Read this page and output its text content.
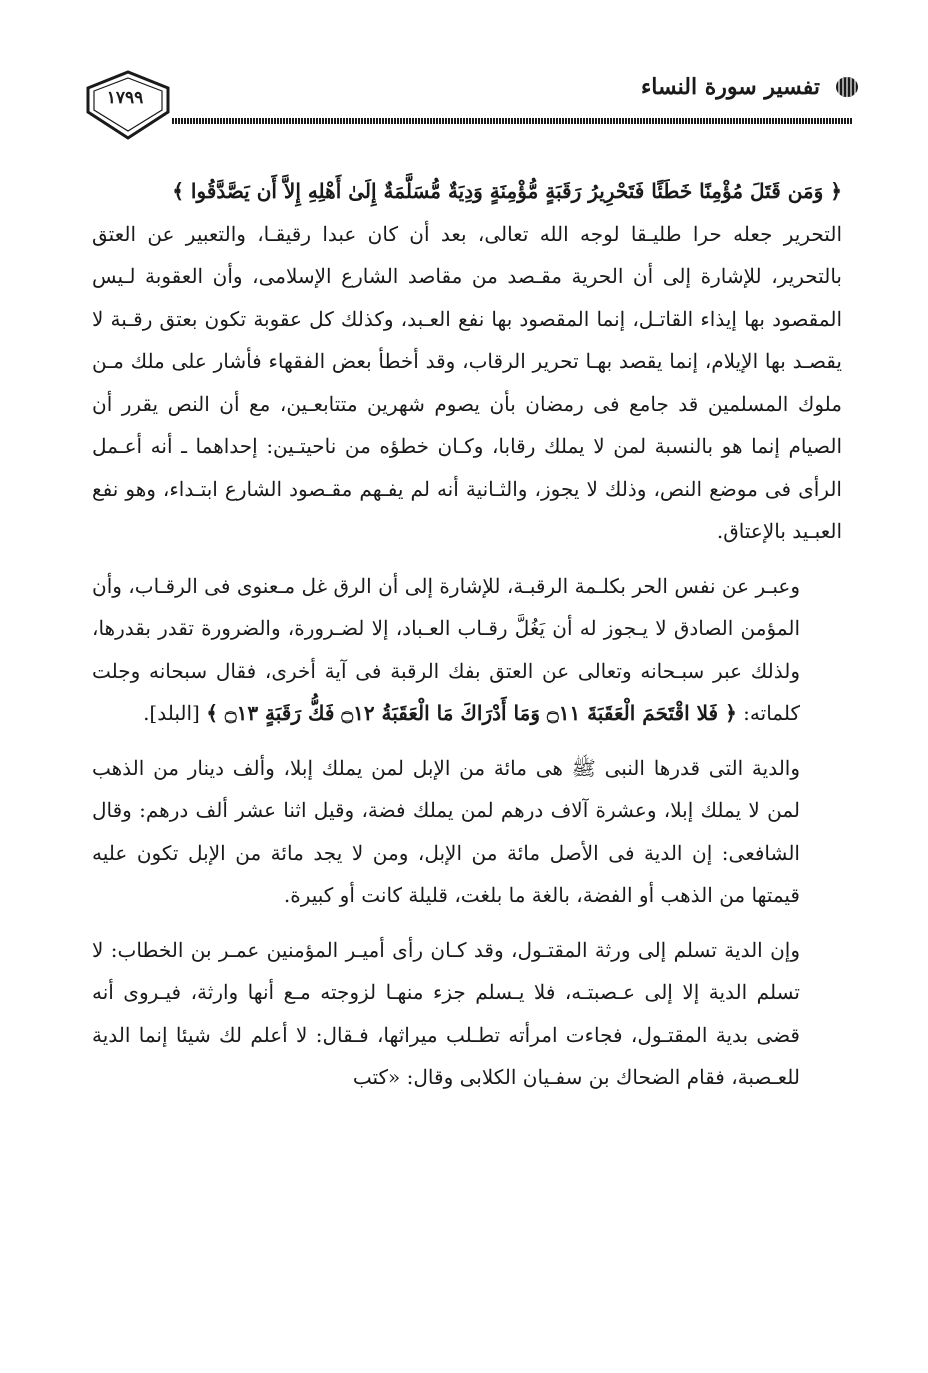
١٧٩٩	تفسير سورة النساء

﴿ وَمَن قَتَلَ مُؤْمِنًا خَطَئًا فَتَحْرِيرُ رَقَبَةٍ مُّؤْمِنَةٍ وَدِيَةٌ مُّسَلَّمَةٌ إِلَىٰ أَهْلِهِ إِلاَّ أَن يَصَّدَّقُوا ﴾

التحرير جعله حرا طليـقا لوجه الله تعالى، بعد أن كان عبدا رقيقـا، والتعبير عن العتق بالتحرير، للإشارة إلى أن الحرية مقـصد من مقاصد الشارع الإسلامى، وأن العقوبة لـيس المقصود بها إيذاء القاتـل، إنما المقصود بها نفع العـبد، وكذلك كل عقوبة تكون بعتق رقـبة لا يقصـد بها الإيلام، إنما يقصد بهـا تحرير الرقاب، وقد أخطأ بعض الفقهاء فأشار على ملك مـن ملوك المسلمين قد جامع فى رمضان بأن يصوم شهرين متتابعـين، مع أن النص يقرر أن الصيام إنما هو بالنسبة لمن لا يملك رقابا، وكـان خطؤه من ناحيتـين: إحداهما ـ أنه أعـمل الرأى فى موضع النص، وذلك لا يجوز، والثـانية أنه لم يفـهم مقـصود الشارع ابتـداء، وهو نفع العبـيد بالإعتاق.

وعبـر عن نفس الحر بكلـمة الرقبـة، للإشارة إلى أن الرق غل مـعنوى فى الرقـاب، وأن المؤمن الصادق لا يـجوز له أن يَغُلَّ رقـاب العـباد، إلا لضـرورة، والضرورة تقدر بقدرها، ولذلك عبر سبـحانه وتعالى عن العتق بفك الرقبة فى آية أخرى، فقال سبحانه وجلت كلماته: ﴿ فَلا اقْتَحَمَ الْعَقَبَةَ ۝١١ وَمَا أَدْرَاكَ مَا الْعَقَبَةُ ۝١٢ فَكُّ رَقَبَةٍ ۝١٣ ﴾ [البلد].

والدية التى قدرها النبى ﷺ هى مائة من الإبل لمن يملك إبلا، وألف دينار من الذهب لمن لا يملك إبلا، وعشرة آلاف درهم لمن يملك فضة، وقيل اثنا عشر ألف درهم: وقال الشافعى: إن الدية فى الأصل مائة من الإبل، ومن لا يجد مائة من الإبل تكون عليه قيمتها من الذهب أو الفضة، بالغة ما بلغت، قليلة كانت أو كبيرة.

وإن الدية تسلم إلى ورثة المقتـول، وقد كـان رأى أميـر المؤمنين عمـر بن الخطاب: لا تسلم الدية إلا إلى عـصبتـه، فلا يـسلم جزء منهـا لزوجته مـع أنها وارثة، فيـروى أنه قضى بدية المقتـول، فجاءت امرأته تطـلب ميراثها، فـقال: لا أعلم لك شيئا إنما الدية للعـصبة، فقام الضحاك بن سفـيان الكلابى وقال: «كتب
